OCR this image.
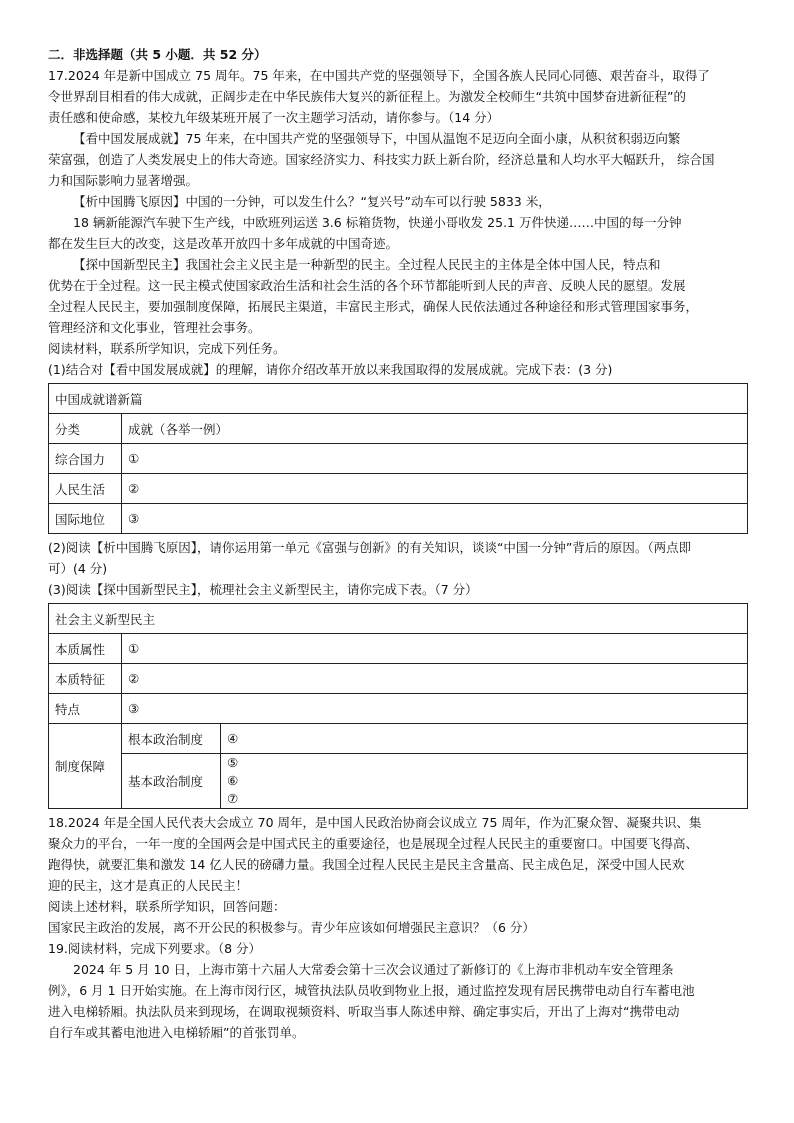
二．非选择题（共 5 小题．共 52 分）

17.2024 年是新中国成立 75 周年。75 年来，在中国共产党的坚强领导下，全国各族人民同心同德、艰苦奋斗，取得了

令世界刮目相看的伟大成就，正阔步走在中华民族伟大复兴的新征程上。为激发全校师生“共筑中国梦奋进新征程”的

责任感和使命感，某校九年级某班开展了一次主题学习活动，请你参与。（14 分）

【看中国发展成就】75 年来，在中国共产党的坚强领导下，中国从温饱不足迈向全面小康，从积贫积弱迈向繁

荣富强，创造了人类发展史上的伟大奇迹。国家经济实力、科技实力跃上新台阶，经济总量和人均水平大幅跃升， 综合国

力和国际影响力显著增强。

【析中国腾飞原因】中国的一分钟，可以发生什么？“复兴号”动车可以行驶 5833 米，

18 辆新能源汽车驶下生产线，中欧班列运送 3.6 标箱货物，快递小哥收发 25.1 万件快递……中国的每一分钟

都在发生巨大的改变，这是改革开放四十多年成就的中国奇迹。

【探中国新型民主】我国社会主义民主是一种新型的民主。全过程人民民主的主体是全体中国人民，特点和

优势在于全过程。这一民主模式使国家政治生活和社会生活的各个环节都能听到人民的声音、反映人民的愿望。发展

全过程人民民主，要加强制度保障，拓展民主渠道，丰富民主形式，确保人民依法通过各种途径和形式管理国家事务，

管理经济和文化事业，管理社会事务。

阅读材料，联系所学知识，完成下列任务。

(1)结合对【看中国发展成就】的理解，请你介绍改革开放以来我国取得的发展成就。完成下表：(3 分)

中国成就谱新篇	
分类	成就（各举一例）
综合国力	①
人民生活	②
国际地位	③

(2)阅读【析中国腾飞原因】，请你运用第一单元《富强与创新》的有关知识，谈谈“中国一分钟”背后的原因。（两点即

可）(4 分)

(3)阅读【探中国新型民主】，梳理社会主义新型民主，请你完成下表。（7 分）

社会主义新型民主		
本质属性	①	
本质特征	②	
特点	③	
制度保障	根本政治制度	④
	基本政治制度	⑤
⑥
⑦

18.2024 年是全国人民代表大会成立 70 周年，是中国人民政治协商会议成立 75 周年，作为汇聚众智、凝聚共识、集

聚众力的平台，一年一度的全国两会是中国式民主的重要途径，也是展现全过程人民民主的重要窗口。中国要飞得高、

跑得快，就要汇集和激发 14 亿人民的磅礴力量。我国全过程人民民主是民主含量高、民主成色足，深受中国人民欢

迎的民主，这才是真正的人民民主！

阅读上述材料，联系所学知识，回答问题：

国家民主政治的发展，离不开公民的积极参与。青少年应该如何增强民主意识？（6 分）

19.阅读材料，完成下列要求。（8 分）

2024 年 5 月 10 日，上海市第十六届人大常委会第十三次会议通过了新修订的《上海市非机动车安全管理条

例》，6 月 1 日开始实施。在上海市闵行区，城管执法队员收到物业上报，通过监控发现有居民携带电动自行车蓄电池

进入电梯轿厢。执法队员来到现场，在调取视频资料、听取当事人陈述申辩、确定事实后，开出了上海对“携带电动

自行车或其蓄电池进入电梯轿厢”的首张罚单。
